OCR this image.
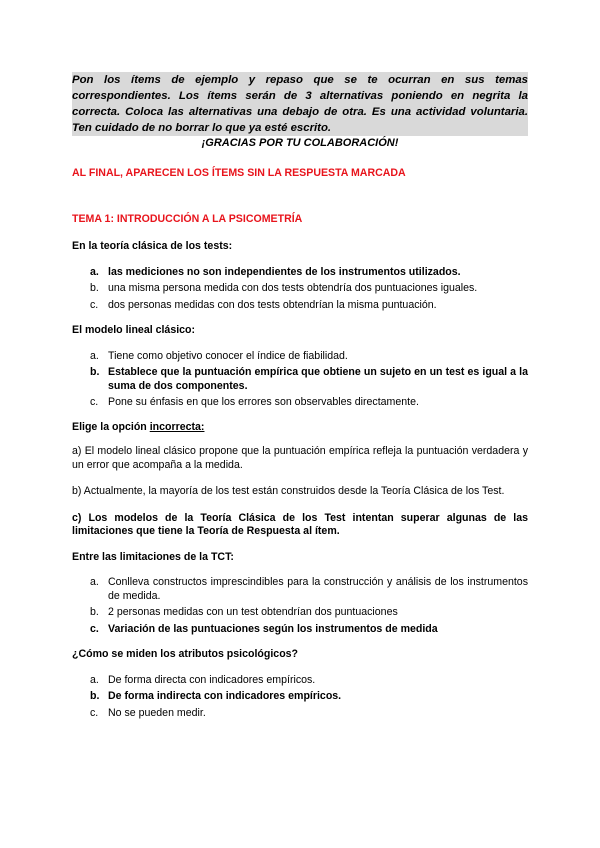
Pon los ítems de ejemplo y repaso que se te ocurran en sus temas correspondientes. Los ítems serán de 3 alternativas poniendo en negrita la correcta. Coloca las alternativas una debajo de otra. Es una actividad voluntaria. Ten cuidado de no borrar lo que ya esté escrito.
¡GRACIAS POR TU COLABORACIÓN!
AL FINAL, APARECEN LOS ÍTEMS SIN LA RESPUESTA MARCADA
TEMA 1: INTRODUCCIÓN A LA PSICOMETRÍA

En la teoría clásica de los tests:

a. las mediciones no son independientes de los instrumentos utilizados.
b. una misma persona medida con dos tests obtendría dos puntuaciones iguales.
c. dos personas medidas con dos tests obtendrían la misma puntuación.

El modelo lineal clásico:

a. Tiene como objetivo conocer el índice de fiabilidad.
b. Establece que la puntuación empírica que obtiene un sujeto en un test es igual a la suma de dos componentes.
c. Pone su énfasis en que los errores son observables directamente.

Elige la opción incorrecta:

a) El modelo lineal clásico propone que la puntuación empírica refleja la puntuación verdadera y un error que acompaña a la medida.

b) Actualmente, la mayoría de los test están construidos desde la Teoría Clásica de los Test.

c) Los modelos de la Teoría Clásica de los Test intentan superar algunas de las limitaciones que tiene la Teoría de Respuesta al ítem.

Entre las limitaciones de la TCT:

a. Conlleva constructos imprescindibles para la construcción y análisis de los instrumentos de medida.
b. 2 personas medidas con un test obtendrían dos puntuaciones
c. Variación de las puntuaciones según los instrumentos de medida

¿Cómo se miden los atributos psicológicos?

a. De forma directa con indicadores empíricos.
b. De forma indirecta con indicadores empíricos.
c. No se pueden medir.
